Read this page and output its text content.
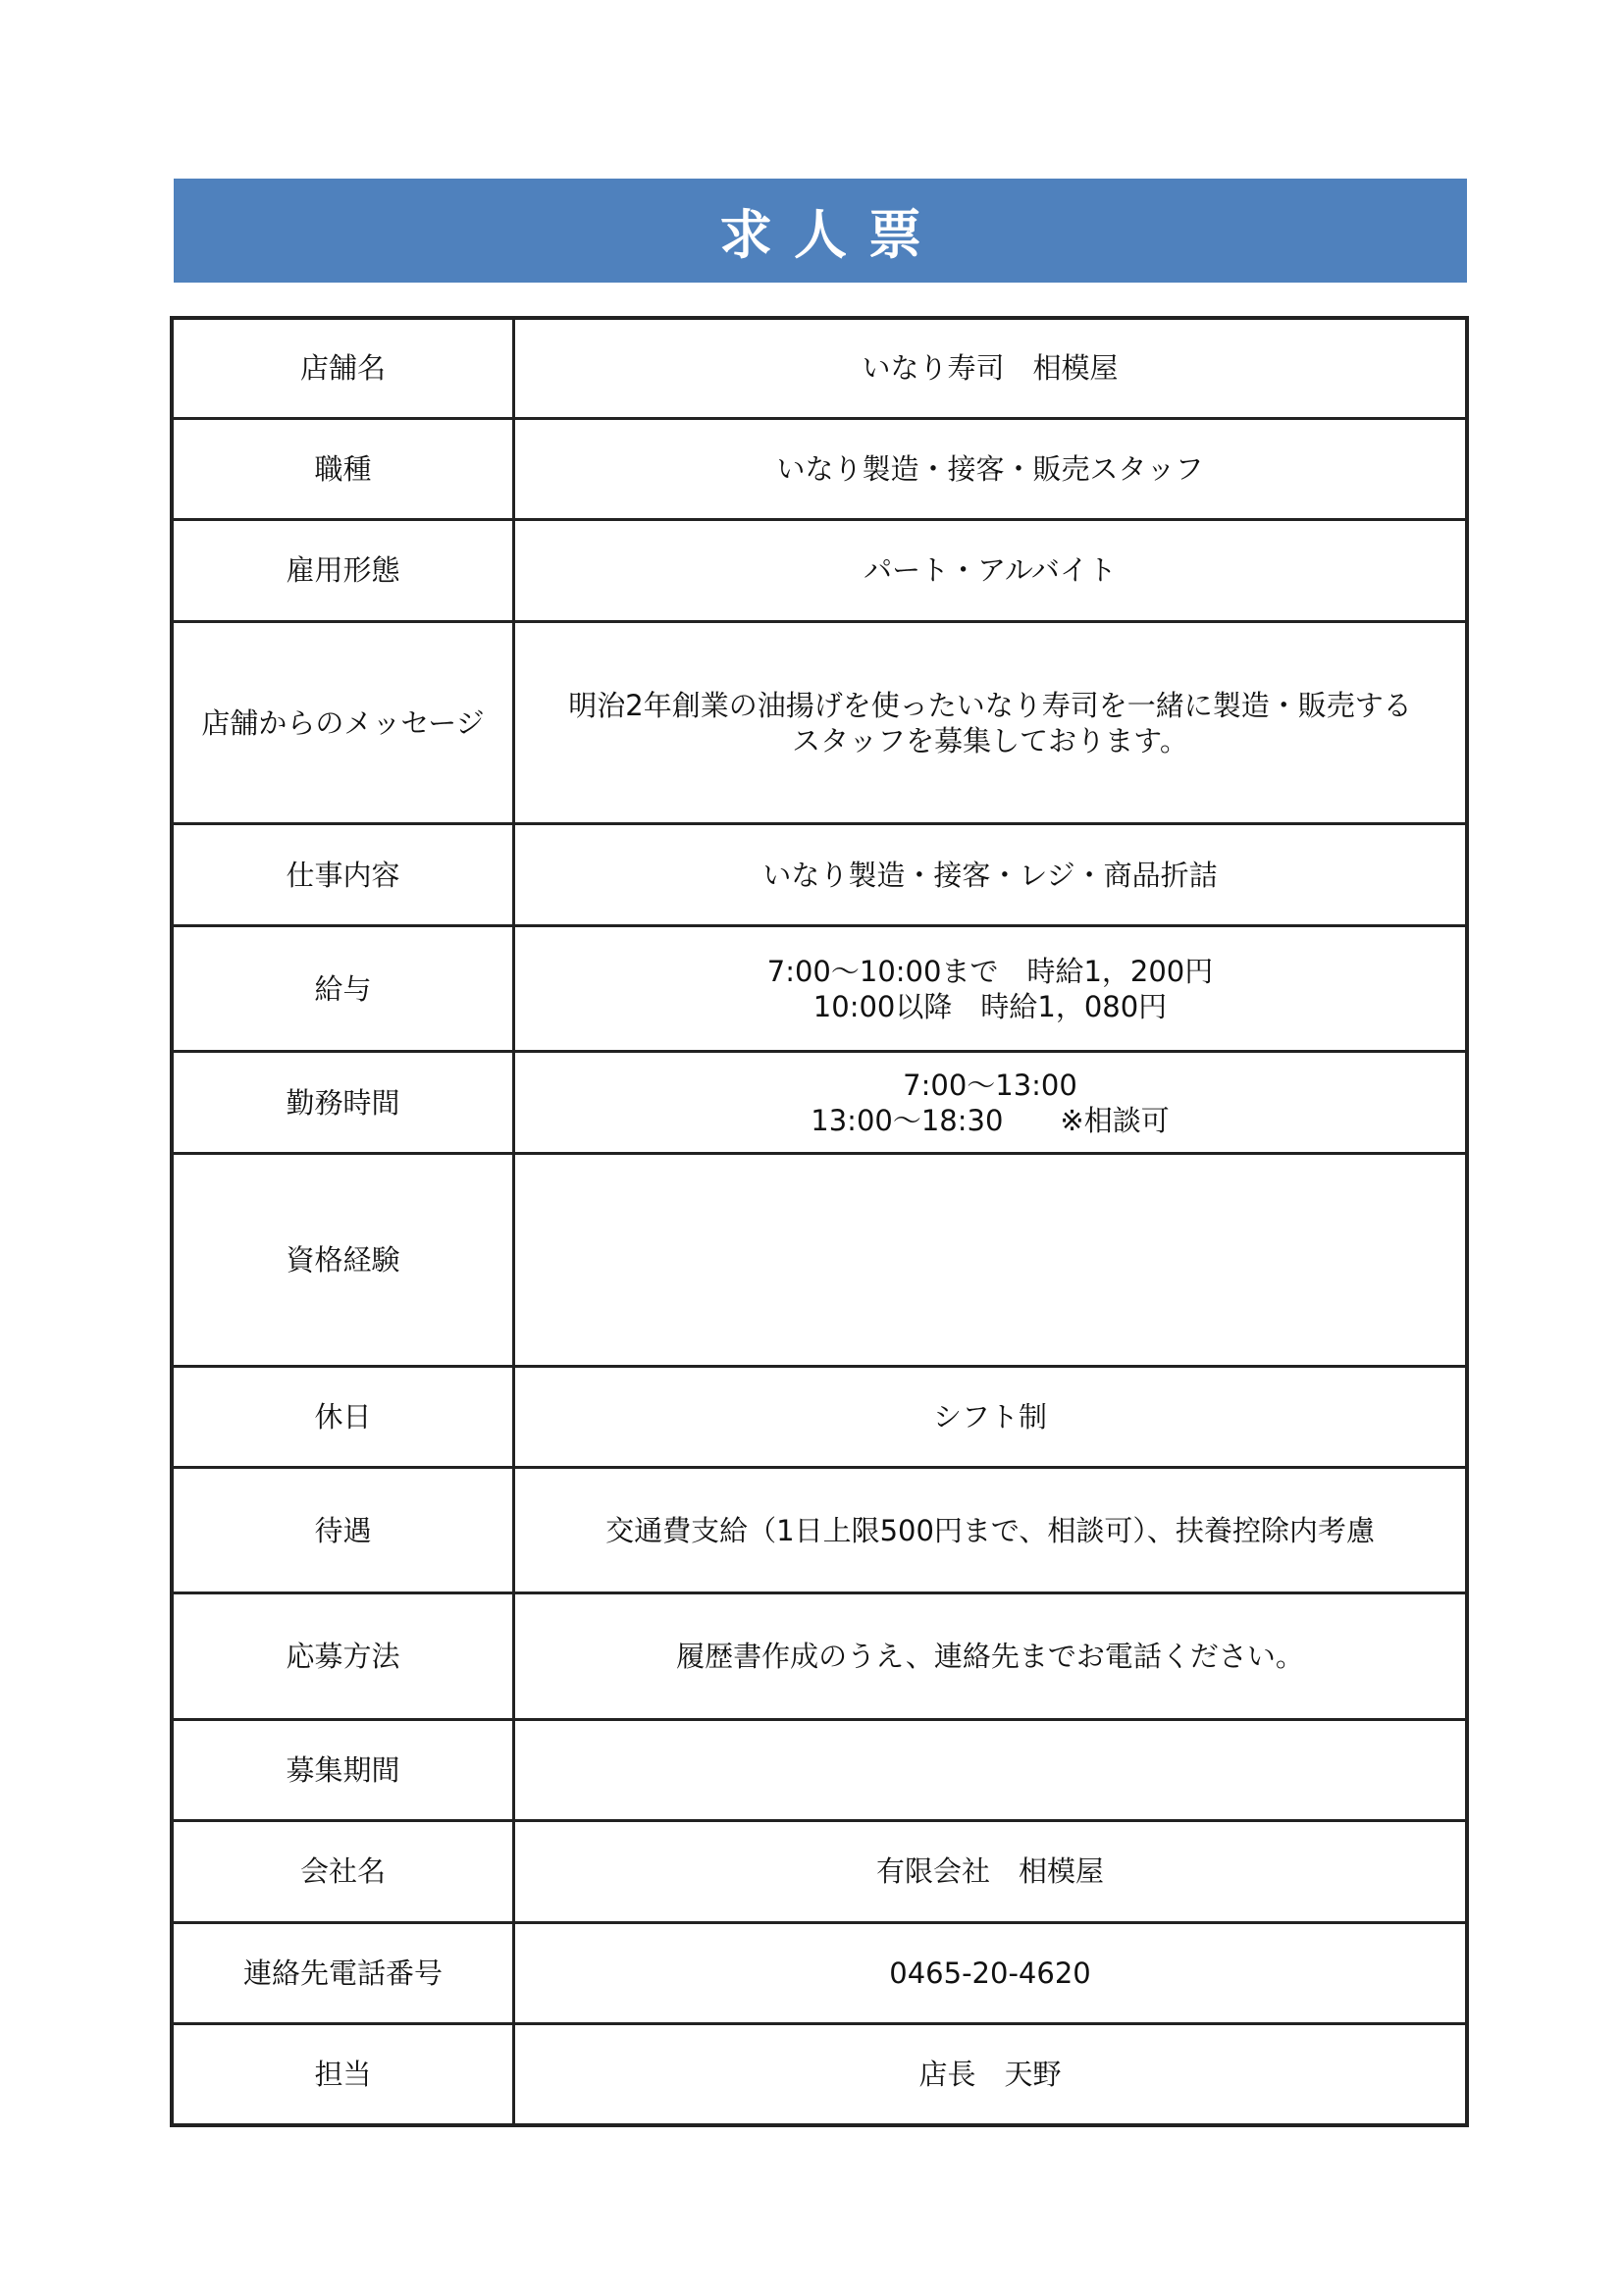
求人票
店舗名	いなり寿司　相模屋

職種	いなり製造・接客・販売スタッフ

雇用形態	パート・アルバイト

店舗からのメッセージ	明治2年創業の油揚げを使ったいなり寿司を一緒に製造・販売する
スタッフを募集しております。

仕事内容	いなり製造・接客・レジ・商品折詰

給与	7:00～10:00まで　時給1，200円
10:00以降　時給1，080円

勤務時間	7:00～13:00
13:00～18:30　　※相談可

資格経験	
休日	シフト制

待遇	交通費支給（1日上限500円まで、相談可）、扶養控除内考慮

応募方法	履歴書作成のうえ、連絡先までお電話ください。

募集期間	
会社名	有限会社　相模屋

連絡先電話番号	0465-20-4620

担当	店長　天野
